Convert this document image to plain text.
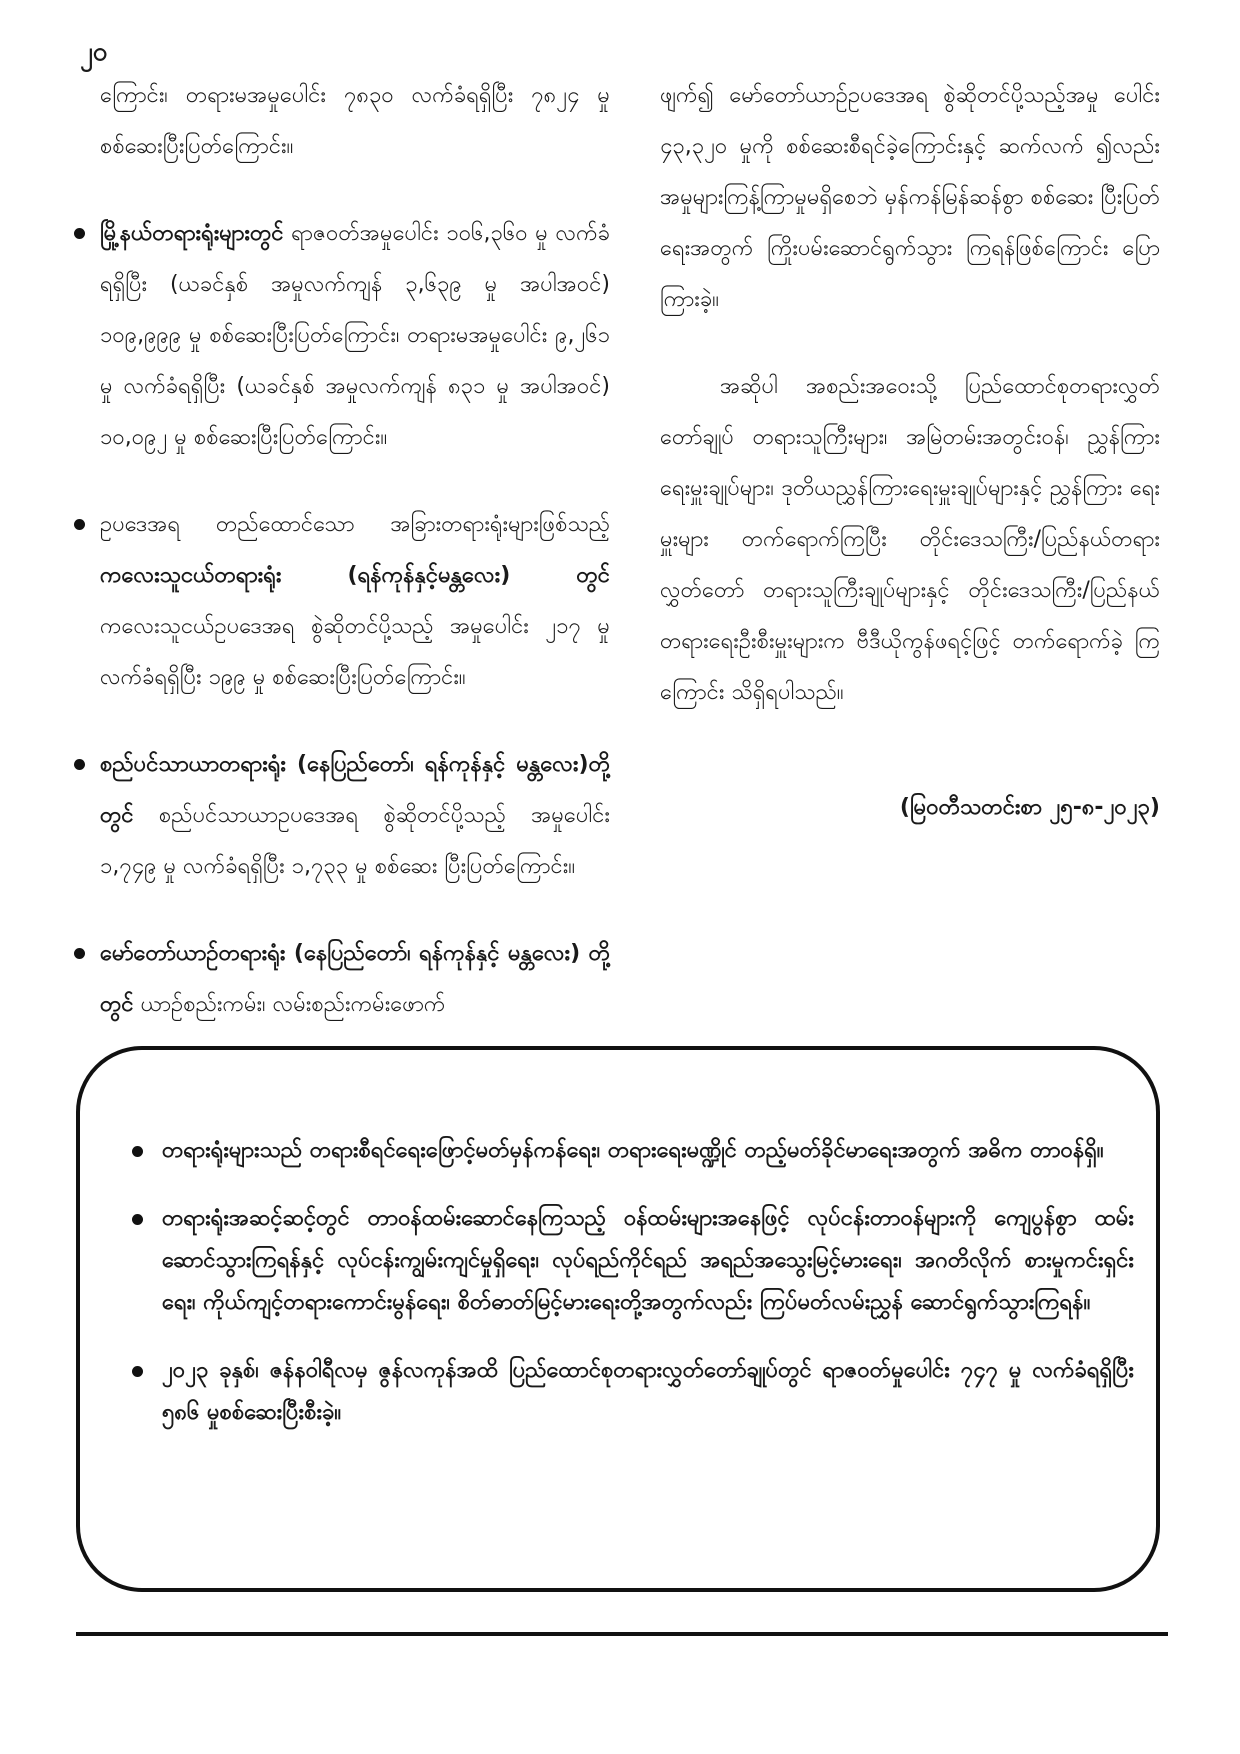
၂၀

ကြောင်း၊ တရားမအမှုပေါင်း ၇၈၃၀ လက်ခံရရှိပြီး ၇၈၂၄ မှု စစ်ဆေးပြီးပြတ်ကြောင်း။

မြို့နယ်တရားရုံးများတွင် ရာဇဝတ်အမှုပေါင်း ၁၀၆,၃၆၀ မှု လက်ခံရရှိပြီး (ယခင်နှစ် အမှုလက်ကျန် ၃,၆၃၉ မှု အပါအဝင်) ၁၀၉,၉၉၉ မှု စစ်ဆေးပြီးပြတ်ကြောင်း၊ တရားမအမှုပေါင်း ၉,၂၆၁ မှု လက်ခံရရှိပြီး (ယခင်နှစ် အမှုလက်ကျန် ၈၃၁ မှု အပါအဝင်) ၁၀,၀၉၂ မှု စစ်ဆေးပြီးပြတ်ကြောင်း။
ဥပဒေအရ တည်ထောင်သော အခြားတရားရုံးများဖြစ်သည့် ကလေးသူငယ်တရားရုံး (ရန်ကုန်နှင့်မန္တလေး) တွင် ကလေးသူငယ်ဥပဒေအရ စွဲဆိုတင်ပို့သည့် အမှုပေါင်း ၂၁၇ မှု လက်ခံရရှိပြီး ၁၉၉ မှု စစ်ဆေးပြီးပြတ်ကြောင်း။
စည်ပင်သာယာတရားရုံး (နေပြည်တော်၊ ရန်ကုန်နှင့် မန္တလေး)တို့တွင် စည်ပင်သာယာဥပဒေအရ စွဲဆိုတင်ပို့သည့် အမှုပေါင်း ၁,၇၄၉ မှု လက်ခံရရှိပြီး ၁,၇၃၃ မှု စစ်ဆေး ပြီးပြတ်ကြောင်း။
မော်တော်ယာဉ်တရားရုံး (နေပြည်တော်၊ ရန်ကုန်နှင့် မန္တလေး) တို့တွင် ယာဉ်စည်းကမ်း၊ လမ်းစည်းကမ်းဖောက်

ဖျက်၍ မော်တော်ယာဉ်ဥပဒေအရ စွဲဆိုတင်ပို့သည့်အမှု ပေါင်း ၄၃,၃၂၀ မှုကို စစ်ဆေးစီရင်ခဲ့ကြောင်းနှင့် ဆက်လက် ၍လည်း အမှုများကြန့်ကြာမှုမရှိစေဘဲ မှန်ကန်မြန်ဆန်စွာ စစ်ဆေး ပြီးပြတ်ရေးအတွက် ကြိုးပမ်းဆောင်ရွက်သွား ကြရန်ဖြစ်ကြောင်း ပြောကြားခဲ့။

အဆိုပါ အစည်းအဝေးသို့ ပြည်ထောင်စုတရားလွှတ် တော်ချုပ် တရားသူကြီးများ၊ အမြဲတမ်းအတွင်းဝန်၊ ညွှန်ကြား ရေးမှူးချုပ်များ၊ ဒုတိယညွှန်ကြားရေးမှူးချုပ်များနှင့် ညွှန်ကြား ရေးမှူးများ တက်ရောက်ကြပြီး တိုင်းဒေသကြီး/ပြည်နယ်တရား လွှတ်တော် တရားသူကြီးချုပ်များနှင့် တိုင်းဒေသကြီး/ပြည်နယ် တရားရေးဦးစီးမှူးများက ဗီဒီယိုကွန်ဖရင့်ဖြင့် တက်ရောက်ခဲ့ ကြကြောင်း သိရှိရပါသည်။

(မြဝတီသတင်းစာ ၂၅-၈-၂၀၂၃)

တရားရုံးများသည် တရားစီရင်ရေးဖြောင့်မတ်မှန်ကန်ရေး၊ တရားရေးမဏ္ဍိုင် တည့်မတ်ခိုင်မာရေးအတွက် အဓိက တာဝန်ရှိ။
တရားရုံးအဆင့်ဆင့်တွင် တာဝန်ထမ်းဆောင်နေကြသည့် ဝန်ထမ်းများအနေဖြင့် လုပ်ငန်းတာဝန်များကို ကျေပွန်စွာ ထမ်းဆောင်သွားကြရန်နှင့် လုပ်ငန်းကျွမ်းကျင်မှုရှိရေး၊ လုပ်ရည်ကိုင်ရည် အရည်အသွေးမြင့်မားရေး၊ အဂတိလိုက် စားမှုကင်းရှင်းရေး၊ ကိုယ်ကျင့်တရားကောင်းမွန်ရေး၊ စိတ်ဓာတ်မြင့်မားရေးတို့အတွက်လည်း ကြပ်မတ်လမ်းညွှန် ဆောင်ရွက်သွားကြရန်။
၂၀၂၃ ခုနှစ်၊ ဇန်နဝါရီလမှ ဇွန်လကုန်အထိ ပြည်ထောင်စုတရားလွှတ်တော်ချုပ်တွင် ရာဇဝတ်မှုပေါင်း ၇၄၇ မှု လက်ခံရရှိပြီး ၅၈၆ မှုစစ်ဆေးပြီးစီးခဲ့။
